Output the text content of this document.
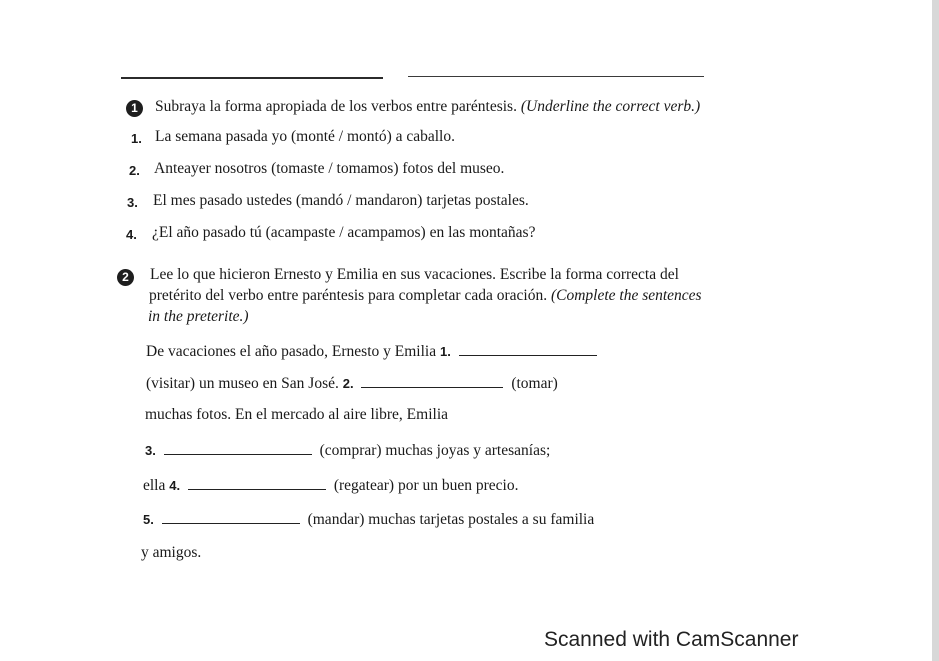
1	Subraya la forma apropiada de los verbos entre paréntesis. (Underline the correct verb.)
1. La semana pasada yo (monté / montó) a caballo.
2. Anteayer nosotros (tomaste / tomamos) fotos del museo.
3. El mes pasado ustedes (mandó / mandaron) tarjetas postales.
4. ¿El año pasado tú (acampaste / acampamos) en las montañas?
2	Lee lo que hicieron Ernesto y Emilia en sus vacaciones. Escribe la forma correcta del
pretérito del verbo entre paréntesis para completar cada oración. (Complete the sentences
in the preterite.)
De vacaciones el año pasado, Ernesto y Emilia 1.
(visitar) un museo en San José. 2.	(tomar)
muchas fotos. En el mercado al aire libre, Emilia
3.	(comprar) muchas joyas y artesanías;
ella 4.	(regatear) por un buen precio.
5.	(mandar) muchas tarjetas postales a su familia
y amigos.
Scanned with CamScanner
